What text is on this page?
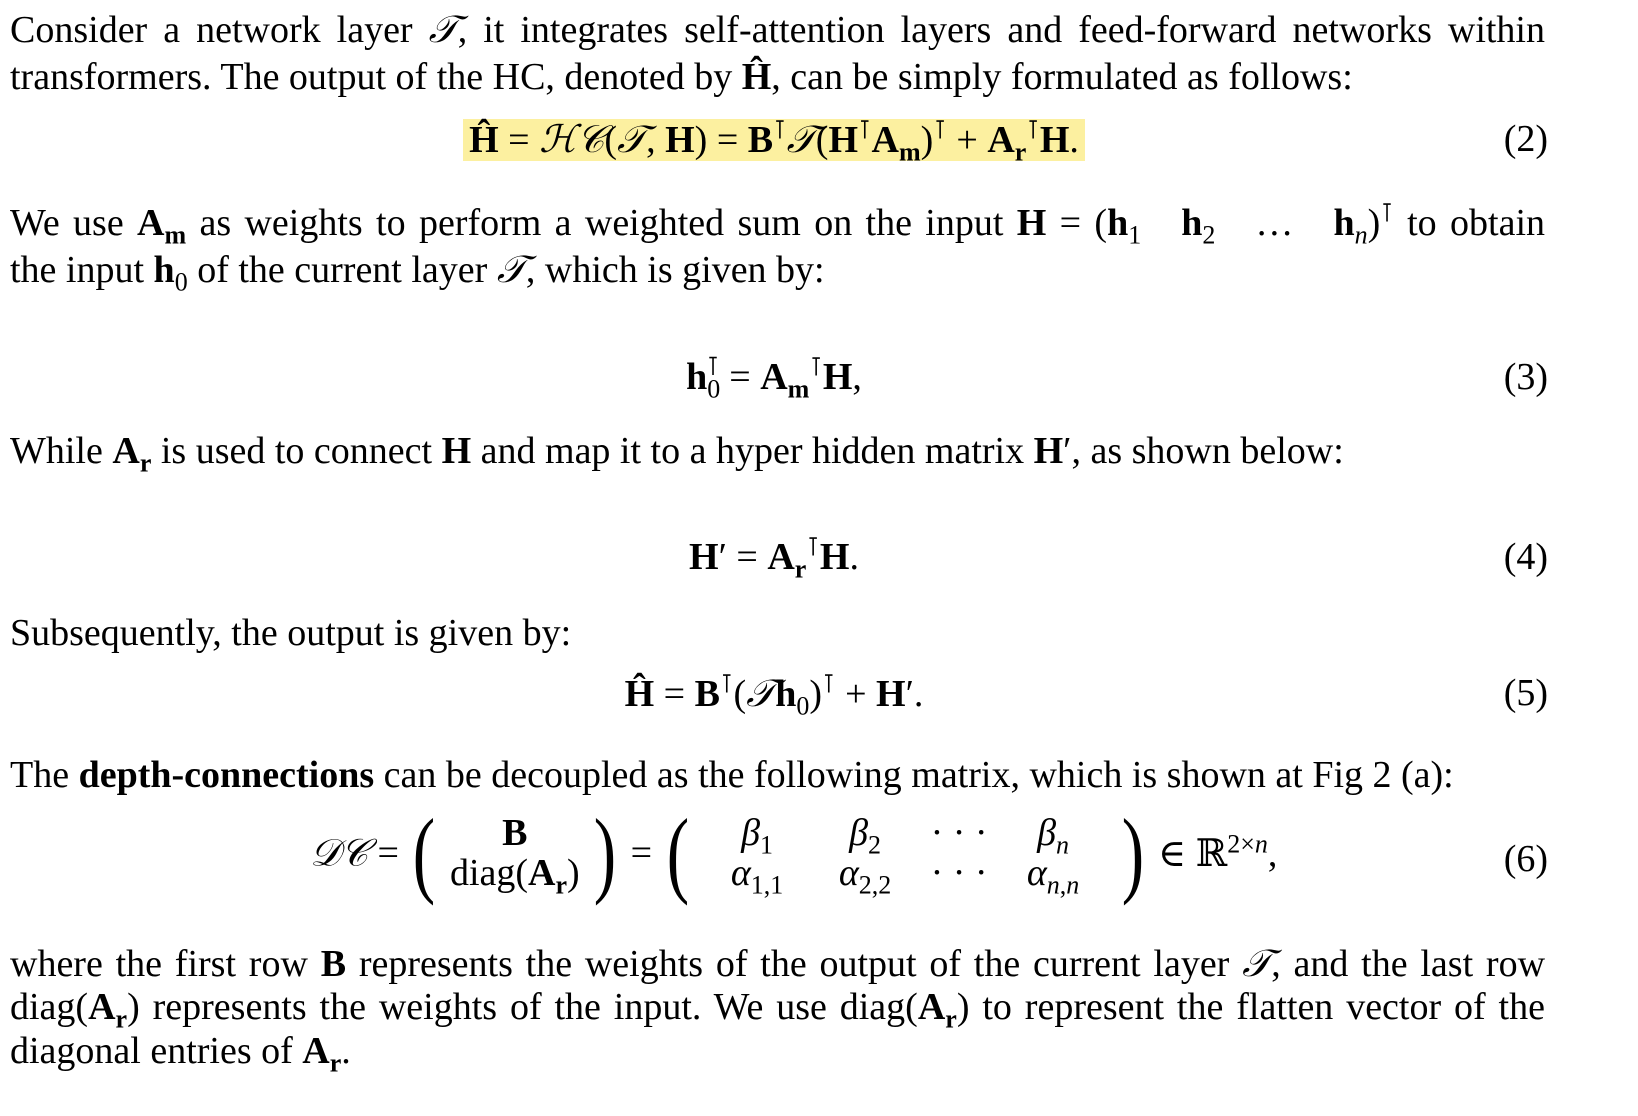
Consider a network layer 𝒯, it integrates self-attention layers and feed-forward networks within
transformers. The output of the HC, denoted by Ĥ, can be simply formulated as follows:
Ĥ = ℋ𝒞(𝒯, $H) = B^⊺𝒯(H^⊺A_m)^⊺ + A_r^⊺H$.	(2)
We use $A_m$ as weights to perform a weighted sum on the input $H = (h_1$ $h_2$   …   $h_n)^⊺$ to obtain
the input $h_0$ of the current layer 𝒯, which is given by:
$h_0^⊺ = A_m^⊺H$,	(3)
While $A_r$ is used to connect H and map it to a hyper hidden matrix H′, as shown below:
$H' = A_r^⊺H$.	(4)
Subsequently, the output is given by:
Ĥ = B⊺(𝒯h$_0$)⊺ + H′.	(5)
The depth-connections can be decoupled as the following matrix, which is shown at Fig 2 (a):
𝒟𝒞 = (	B
$diag(A_r)$ ) = (	$\beta_1$ $\beta_2$ · · · $\beta_n$
$\alpha_{1,1}$ $\alpha_{2,2}$ · · · $\alpha_{n,n}$ ) ∈ ℝ$^{2\times n}$,	(6)
where the first row B represents the weights of the output of the current layer 𝒯, and the last row
$diag(A_r)$ represents the weights of the input. We use $diag(A_r)$ to represent the flatten vector of the
diagonal entries of $A_r$.
